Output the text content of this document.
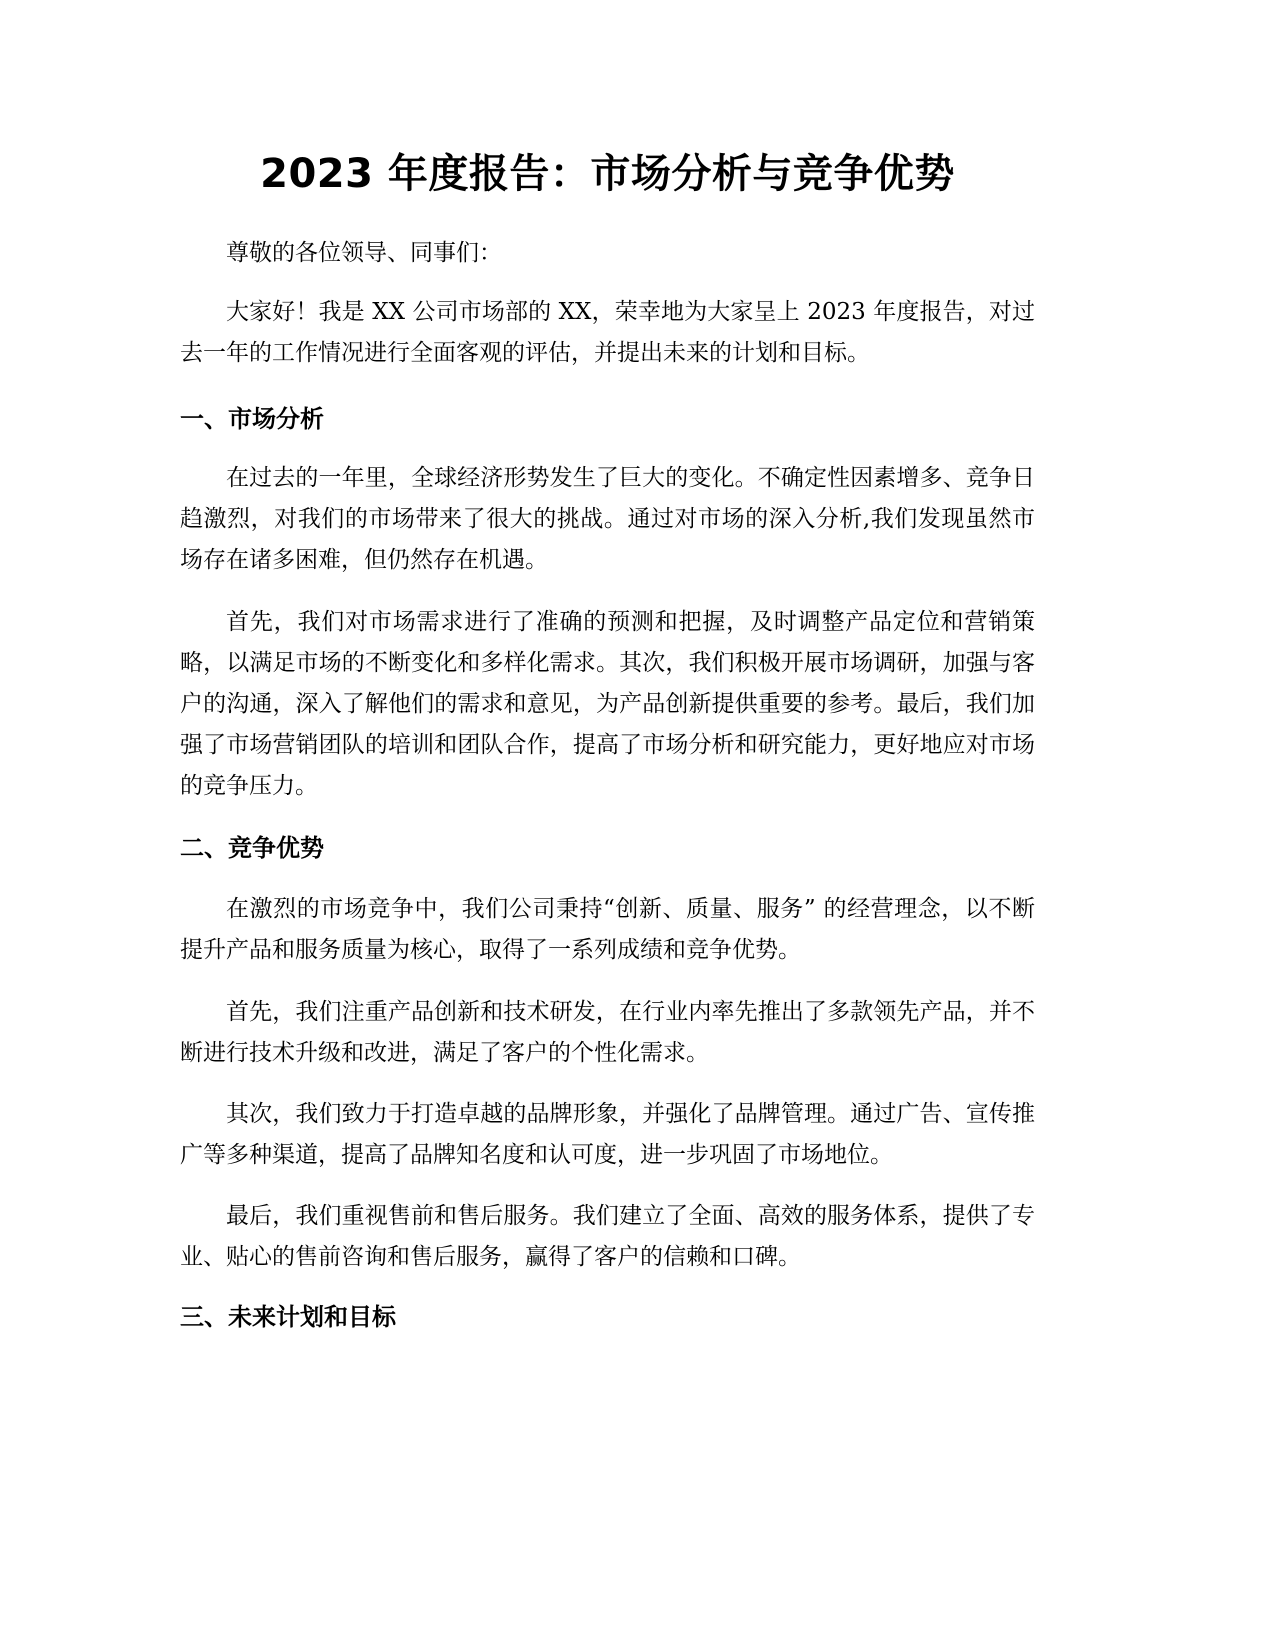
2023 年度报告：市场分析与竞争优势

尊敬的各位领导、同事们：

大家好！我是 XX 公司市场部的 XX，荣幸地为大家呈上 2023 年度报告，对过去一年的工作情况进行全面客观的评估，并提出未来的计划和目标。

一、市场分析

在过去的一年里，全球经济形势发生了巨大的变化。不确定性因素增多、竞争日趋激烈，对我们的市场带来了很大的挑战。通过对市场的深入分析,我们发现虽然市场存在诸多困难，但仍然存在机遇。

首先，我们对市场需求进行了准确的预测和把握，及时调整产品定位和营销策略，以满足市场的不断变化和多样化需求。其次，我们积极开展市场调研，加强与客户的沟通，深入了解他们的需求和意见，为产品创新提供重要的参考。最后，我们加强了市场营销团队的培训和团队合作，提高了市场分析和研究能力，更好地应对市场的竞争压力。

二、竞争优势

在激烈的市场竞争中，我们公司秉持“创新、质量、服务” 的经营理念，以不断提升产品和服务质量为核心，取得了一系列成绩和竞争优势。

首先，我们注重产品创新和技术研发，在行业内率先推出了多款领先产品，并不断进行技术升级和改进，满足了客户的个性化需求。

其次，我们致力于打造卓越的品牌形象，并强化了品牌管理。通过广告、宣传推广等多种渠道，提高了品牌知名度和认可度，进一步巩固了市场地位。

最后，我们重视售前和售后服务。我们建立了全面、高效的服务体系，提供了专业、贴心的售前咨询和售后服务，赢得了客户的信赖和口碑。

三、未来计划和目标
